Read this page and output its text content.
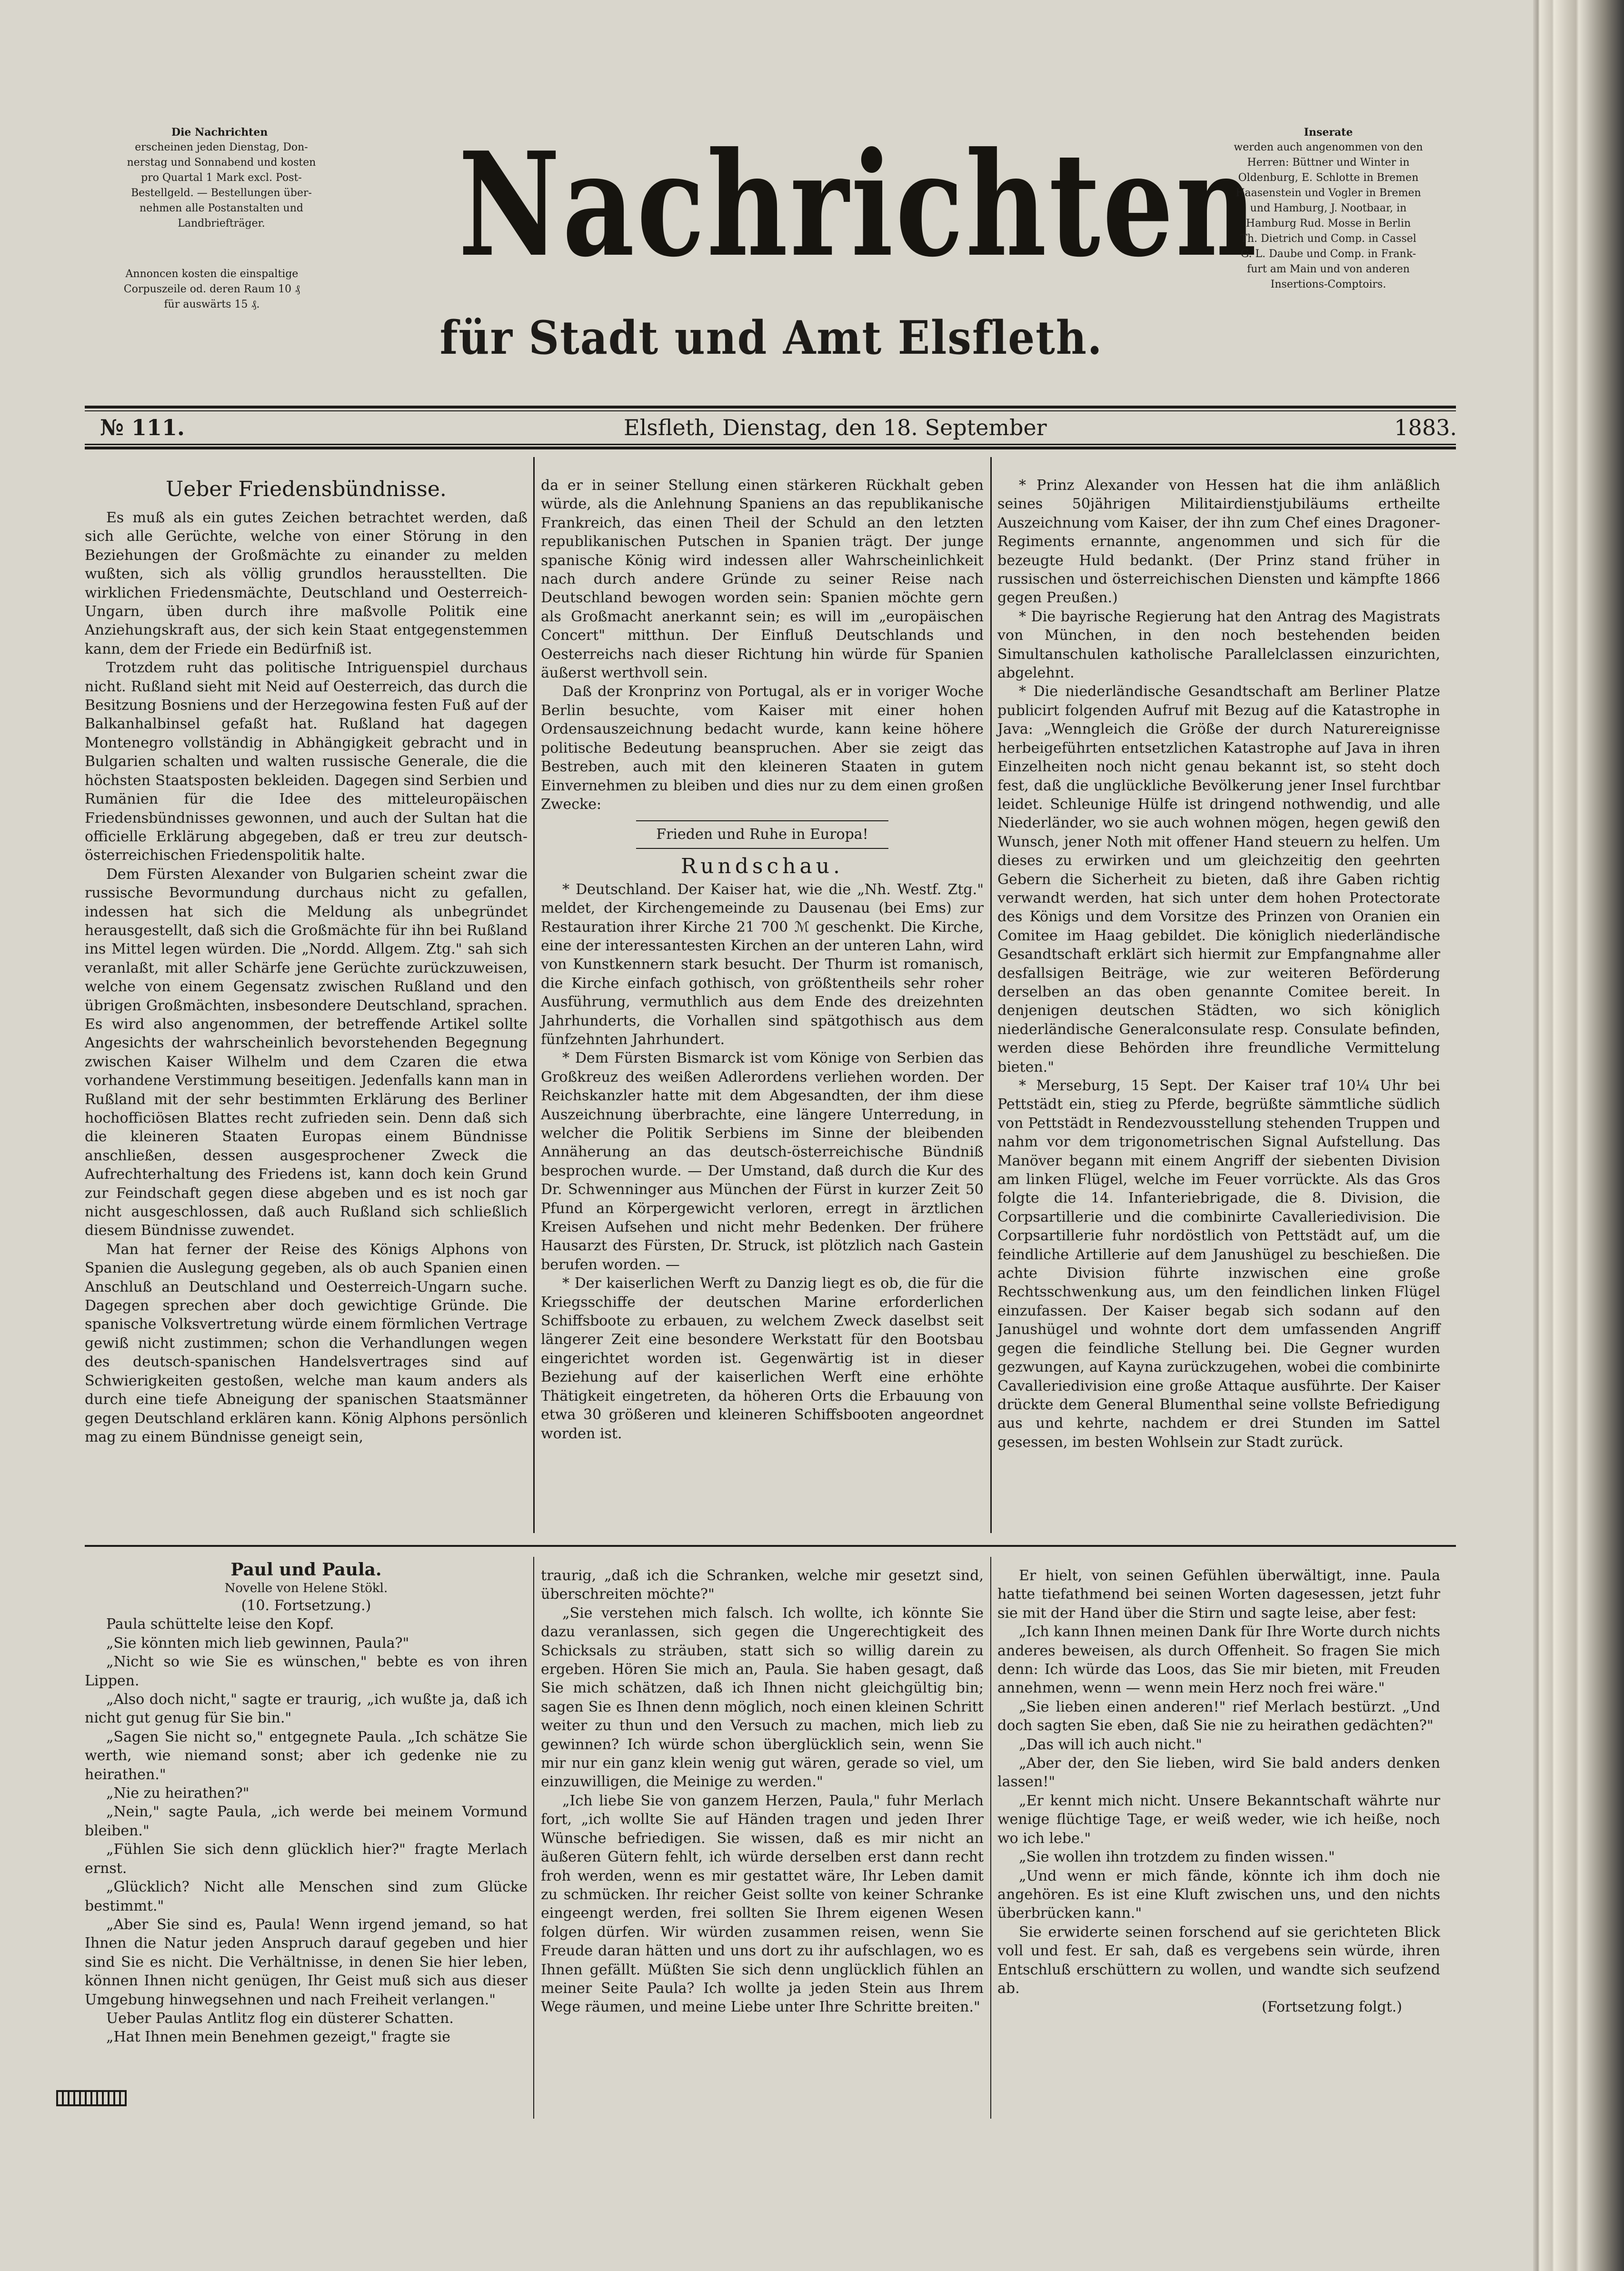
Die Nachrichten
erscheinen jeden Dienstag, Don-
nerstag und Sonnabend und kosten
pro Quartal 1 Mark excl. Post-
Bestellgeld. — Bestellungen über-
nehmen alle Postanstalten und
Landbriefträger.
Annoncen kosten die einspaltige
Corpuszeile od. deren Raum 10 ₰
für auswärts 15 ₰.
Nachrichten
für Stadt und Amt Elsfleth.
Inserate
werden auch angenommen von den
Herren: Büttner und Winter in
Oldenburg, E. Schlotte in Bremen
Haasenstein und Vogler in Bremen
und Hamburg, J. Nootbaar, in
Hamburg Rud. Mosse in Berlin
Th. Dietrich und Comp. in Cassel
G. L. Daube und Comp. in Frank-
furt am Main und von anderen
Insertions-Comptoirs.
№ 111.	Elsfleth, Dienstag, den 18. September	1883.
Ueber Friedensbündnisse.

Es muß als ein gutes Zeichen betrachtet werden, daß sich alle Gerüchte, welche von einer Störung in den Beziehungen der Großmächte zu einander zu melden wußten, sich als völlig grundlos herausstellten. Die wirklichen Friedensmächte, Deutschland und Oesterreich-Ungarn, üben durch ihre maßvolle Politik eine Anziehungskraft aus, der sich kein Staat entgegenstemmen kann, dem der Friede ein Bedürfniß ist.

Trotzdem ruht das politische Intriguenspiel durchaus nicht. Rußland sieht mit Neid auf Oesterreich, das durch die Besitzung Bosniens und der Herzegowina festen Fuß auf der Balkanhalbinsel gefaßt hat. Rußland hat dagegen Montenegro vollständig in Abhängigkeit gebracht und in Bulgarien schalten und walten russische Generale, die die höchsten Staatsposten bekleiden. Dagegen sind Serbien und Rumänien für die Idee des mitteleuropäischen Friedensbündnisses gewonnen, und auch der Sultan hat die officielle Erklärung abgegeben, daß er treu zur deutsch-österreichischen Friedenspolitik halte.

Dem Fürsten Alexander von Bulgarien scheint zwar die russische Bevormundung durchaus nicht zu gefallen, indessen hat sich die Meldung als unbegründet herausgestellt, daß sich die Großmächte für ihn bei Rußland ins Mittel legen würden. Die „Nordd. Allgem. Ztg." sah sich veranlaßt, mit aller Schärfe jene Gerüchte zurückzuweisen, welche von einem Gegensatz zwischen Rußland und den übrigen Großmächten, insbesondere Deutschland, sprachen. Es wird also angenommen, der betreffende Artikel sollte Angesichts der wahrscheinlich bevorstehenden Begegnung zwischen Kaiser Wilhelm und dem Czaren die etwa vorhandene Verstimmung beseitigen. Jedenfalls kann man in Rußland mit der sehr bestimmten Erklärung des Berliner hochofficiösen Blattes recht zufrieden sein. Denn daß sich die kleineren Staaten Europas einem Bündnisse anschließen, dessen ausgesprochener Zweck die Aufrechterhaltung des Friedens ist, kann doch kein Grund zur Feindschaft gegen diese abgeben und es ist noch gar nicht ausgeschlossen, daß auch Rußland sich schließlich diesem Bündnisse zuwendet.

Man hat ferner der Reise des Königs Alphons von Spanien die Auslegung gegeben, als ob auch Spanien einen Anschluß an Deutschland und Oesterreich-Ungarn suche. Dagegen sprechen aber doch gewichtige Gründe. Die spanische Volksvertretung würde einem förmlichen Vertrage gewiß nicht zustimmen; schon die Verhandlungen wegen des deutsch-spanischen Handelsvertrages sind auf Schwierigkeiten gestoßen, welche man kaum anders als durch eine tiefe Abneigung der spanischen Staatsmänner gegen Deutschland erklären kann. König Alphons persönlich mag zu einem Bündnisse geneigt sein,

da er in seiner Stellung einen stärkeren Rückhalt geben würde, als die Anlehnung Spaniens an das republikanische Frankreich, das einen Theil der Schuld an den letzten republikanischen Putschen in Spanien trägt. Der junge spanische König wird indessen aller Wahrscheinlichkeit nach durch andere Gründe zu seiner Reise nach Deutschland bewogen worden sein: Spanien möchte gern als Großmacht anerkannt sein; es will im „europäischen Concert" mitthun. Der Einfluß Deutschlands und Oesterreichs nach dieser Richtung hin würde für Spanien äußerst werthvoll sein.

Daß der Kronprinz von Portugal, als er in voriger Woche Berlin besuchte, vom Kaiser mit einer hohen Ordensauszeichnung bedacht wurde, kann keine höhere politische Bedeutung beanspruchen. Aber sie zeigt das Bestreben, auch mit den kleineren Staaten in gutem Einvernehmen zu bleiben und dies nur zu dem einen großen Zwecke:

Frieden und Ruhe in Europa!

Rundschau.

* Deutschland. Der Kaiser hat, wie die „Nh. Westf. Ztg." meldet, der Kirchengemeinde zu Dausenau (bei Ems) zur Restauration ihrer Kirche 21 700 ℳ geschenkt. Die Kirche, eine der interessantesten Kirchen an der unteren Lahn, wird von Kunstkennern stark besucht. Der Thurm ist romanisch, die Kirche einfach gothisch, von größtentheils sehr roher Ausführung, vermuthlich aus dem Ende des dreizehnten Jahrhunderts, die Vorhallen sind spätgothisch aus dem fünfzehnten Jahrhundert.

* Dem Fürsten Bismarck ist vom Könige von Serbien das Großkreuz des weißen Adlerordens verliehen worden. Der Reichskanzler hatte mit dem Abgesandten, der ihm diese Auszeichnung überbrachte, eine längere Unterredung, in welcher die Politik Serbiens im Sinne der bleibenden Annäherung an das deutsch-österreichische Bündniß besprochen wurde. — Der Umstand, daß durch die Kur des Dr. Schwenninger aus München der Fürst in kurzer Zeit 50 Pfund an Körpergewicht verloren, erregt in ärztlichen Kreisen Aufsehen und nicht mehr Bedenken. Der frühere Hausarzt des Fürsten, Dr. Struck, ist plötzlich nach Gastein berufen worden. —

* Der kaiserlichen Werft zu Danzig liegt es ob, die für die Kriegsschiffe der deutschen Marine erforderlichen Schiffsboote zu erbauen, zu welchem Zweck daselbst seit längerer Zeit eine besondere Werkstatt für den Bootsbau eingerichtet worden ist. Gegenwärtig ist in dieser Beziehung auf der kaiserlichen Werft eine erhöhte Thätigkeit eingetreten, da höheren Orts die Erbauung von etwa 30 größeren und kleineren Schiffsbooten angeordnet worden ist.

* Prinz Alexander von Hessen hat die ihm anläßlich seines 50jährigen Militairdienstjubiläums ertheilte Auszeichnung vom Kaiser, der ihn zum Chef eines Dragoner-Regiments ernannte, angenommen und sich für die bezeugte Huld bedankt. (Der Prinz stand früher in russischen und österreichischen Diensten und kämpfte 1866 gegen Preußen.)

* Die bayrische Regierung hat den Antrag des Magistrats von München, in den noch bestehenden beiden Simultanschulen katholische Parallelclassen einzurichten, abgelehnt.

* Die niederländische Gesandtschaft am Berliner Platze publicirt folgenden Aufruf mit Bezug auf die Katastrophe in Java: „Wenngleich die Größe der durch Naturereignisse herbeigeführten entsetzlichen Katastrophe auf Java in ihren Einzelheiten noch nicht genau bekannt ist, so steht doch fest, daß die unglückliche Bevölkerung jener Insel furchtbar leidet. Schleunige Hülfe ist dringend nothwendig, und alle Niederländer, wo sie auch wohnen mögen, hegen gewiß den Wunsch, jener Noth mit offener Hand steuern zu helfen. Um dieses zu erwirken und um gleichzeitig den geehrten Gebern die Sicherheit zu bieten, daß ihre Gaben richtig verwandt werden, hat sich unter dem hohen Protectorate des Königs und dem Vorsitze des Prinzen von Oranien ein Comitee im Haag gebildet. Die königlich niederländische Gesandtschaft erklärt sich hiermit zur Empfangnahme aller desfallsigen Beiträge, wie zur weiteren Beförderung derselben an das oben genannte Comitee bereit. In denjenigen deutschen Städten, wo sich königlich niederländische Generalconsulate resp. Consulate befinden, werden diese Behörden ihre freundliche Vermittelung bieten."

* Merseburg, 15 Sept. Der Kaiser traf 10¼ Uhr bei Pettstädt ein, stieg zu Pferde, begrüßte sämmtliche südlich von Pettstädt in Rendezvousstellung stehenden Truppen und nahm vor dem trigonometrischen Signal Aufstellung. Das Manöver begann mit einem Angriff der siebenten Division am linken Flügel, welche im Feuer vorrückte. Als das Gros folgte die 14. Infanteriebrigade, die 8. Division, die Corpsartillerie und die combinirte Cavalleriedivision. Die Corpsartillerie fuhr nordöstlich von Pettstädt auf, um die feindliche Artillerie auf dem Janushügel zu beschießen. Die achte Division führte inzwischen eine große Rechtsschwenkung aus, um den feindlichen linken Flügel einzufassen. Der Kaiser begab sich sodann auf den Janushügel und wohnte dort dem umfassenden Angriff gegen die feindliche Stellung bei. Die Gegner wurden gezwungen, auf Kayna zurückzugehen, wobei die combinirte Cavalleriedivision eine große Attaque ausführte. Der Kaiser drückte dem General Blumenthal seine vollste Befriedigung aus und kehrte, nachdem er drei Stunden im Sattel gesessen, im besten Wohlsein zur Stadt zurück.

Paul und Paula.
Novelle von Helene Stökl.
(10. Fortsetzung.)

Paula schüttelte leise den Kopf.

„Sie könnten mich lieb gewinnen, Paula?"

„Nicht so wie Sie es wünschen," bebte es von ihren Lippen.

„Also doch nicht," sagte er traurig, „ich wußte ja, daß ich nicht gut genug für Sie bin."

„Sagen Sie nicht so," entgegnete Paula. „Ich schätze Sie werth, wie niemand sonst; aber ich gedenke nie zu heirathen."

„Nie zu heirathen?"

„Nein," sagte Paula, „ich werde bei meinem Vormund bleiben."

„Fühlen Sie sich denn glücklich hier?" fragte Merlach ernst.

„Glücklich? Nicht alle Menschen sind zum Glücke bestimmt."

„Aber Sie sind es, Paula! Wenn irgend jemand, so hat Ihnen die Natur jeden Anspruch darauf gegeben und hier sind Sie es nicht. Die Verhältnisse, in denen Sie hier leben, können Ihnen nicht genügen, Ihr Geist muß sich aus dieser Umgebung hinwegsehnen und nach Freiheit verlangen."

Ueber Paulas Antlitz flog ein düsterer Schatten.

„Hat Ihnen mein Benehmen gezeigt," fragte sie

traurig, „daß ich die Schranken, welche mir gesetzt sind, überschreiten möchte?"

„Sie verstehen mich falsch. Ich wollte, ich könnte Sie dazu veranlassen, sich gegen die Ungerechtigkeit des Schicksals zu sträuben, statt sich so willig darein zu ergeben. Hören Sie mich an, Paula. Sie haben gesagt, daß Sie mich schätzen, daß ich Ihnen nicht gleichgültig bin; sagen Sie es Ihnen denn möglich, noch einen kleinen Schritt weiter zu thun und den Versuch zu machen, mich lieb zu gewinnen? Ich würde schon überglücklich sein, wenn Sie mir nur ein ganz klein wenig gut wären, gerade so viel, um einzuwilligen, die Meinige zu werden."

„Ich liebe Sie von ganzem Herzen, Paula," fuhr Merlach fort, „ich wollte Sie auf Händen tragen und jeden Ihrer Wünsche befriedigen. Sie wissen, daß es mir nicht an äußeren Gütern fehlt, ich würde derselben erst dann recht froh werden, wenn es mir gestattet wäre, Ihr Leben damit zu schmücken. Ihr reicher Geist sollte von keiner Schranke eingeengt werden, frei sollten Sie Ihrem eigenen Wesen folgen dürfen. Wir würden zusammen reisen, wenn Sie Freude daran hätten und uns dort zu ihr aufschlagen, wo es Ihnen gefällt. Müßten Sie sich denn unglücklich fühlen an meiner Seite Paula? Ich wollte ja jeden Stein aus Ihrem Wege räumen, und meine Liebe unter Ihre Schritte breiten."

Er hielt, von seinen Gefühlen überwältigt, inne. Paula hatte tiefathmend bei seinen Worten dagesessen, jetzt fuhr sie mit der Hand über die Stirn und sagte leise, aber fest:

„Ich kann Ihnen meinen Dank für Ihre Worte durch nichts anderes beweisen, als durch Offenheit. So fragen Sie mich denn: Ich würde das Loos, das Sie mir bieten, mit Freuden annehmen, wenn — wenn mein Herz noch frei wäre."

„Sie lieben einen anderen!" rief Merlach bestürzt. „Und doch sagten Sie eben, daß Sie nie zu heirathen gedächten?"

„Das will ich auch nicht."

„Aber der, den Sie lieben, wird Sie bald anders denken lassen!"

„Er kennt mich nicht. Unsere Bekanntschaft währte nur wenige flüchtige Tage, er weiß weder, wie ich heiße, noch wo ich lebe."

„Sie wollen ihn trotzdem zu finden wissen."

„Und wenn er mich fände, könnte ich ihm doch nie angehören. Es ist eine Kluft zwischen uns, und den nichts überbrücken kann."

Sie erwiderte seinen forschend auf sie gerichteten Blick voll und fest. Er sah, daß es vergebens sein würde, ihren Entschluß erschüttern zu wollen, und wandte sich seufzend ab.

(Fortsetzung folgt.)
